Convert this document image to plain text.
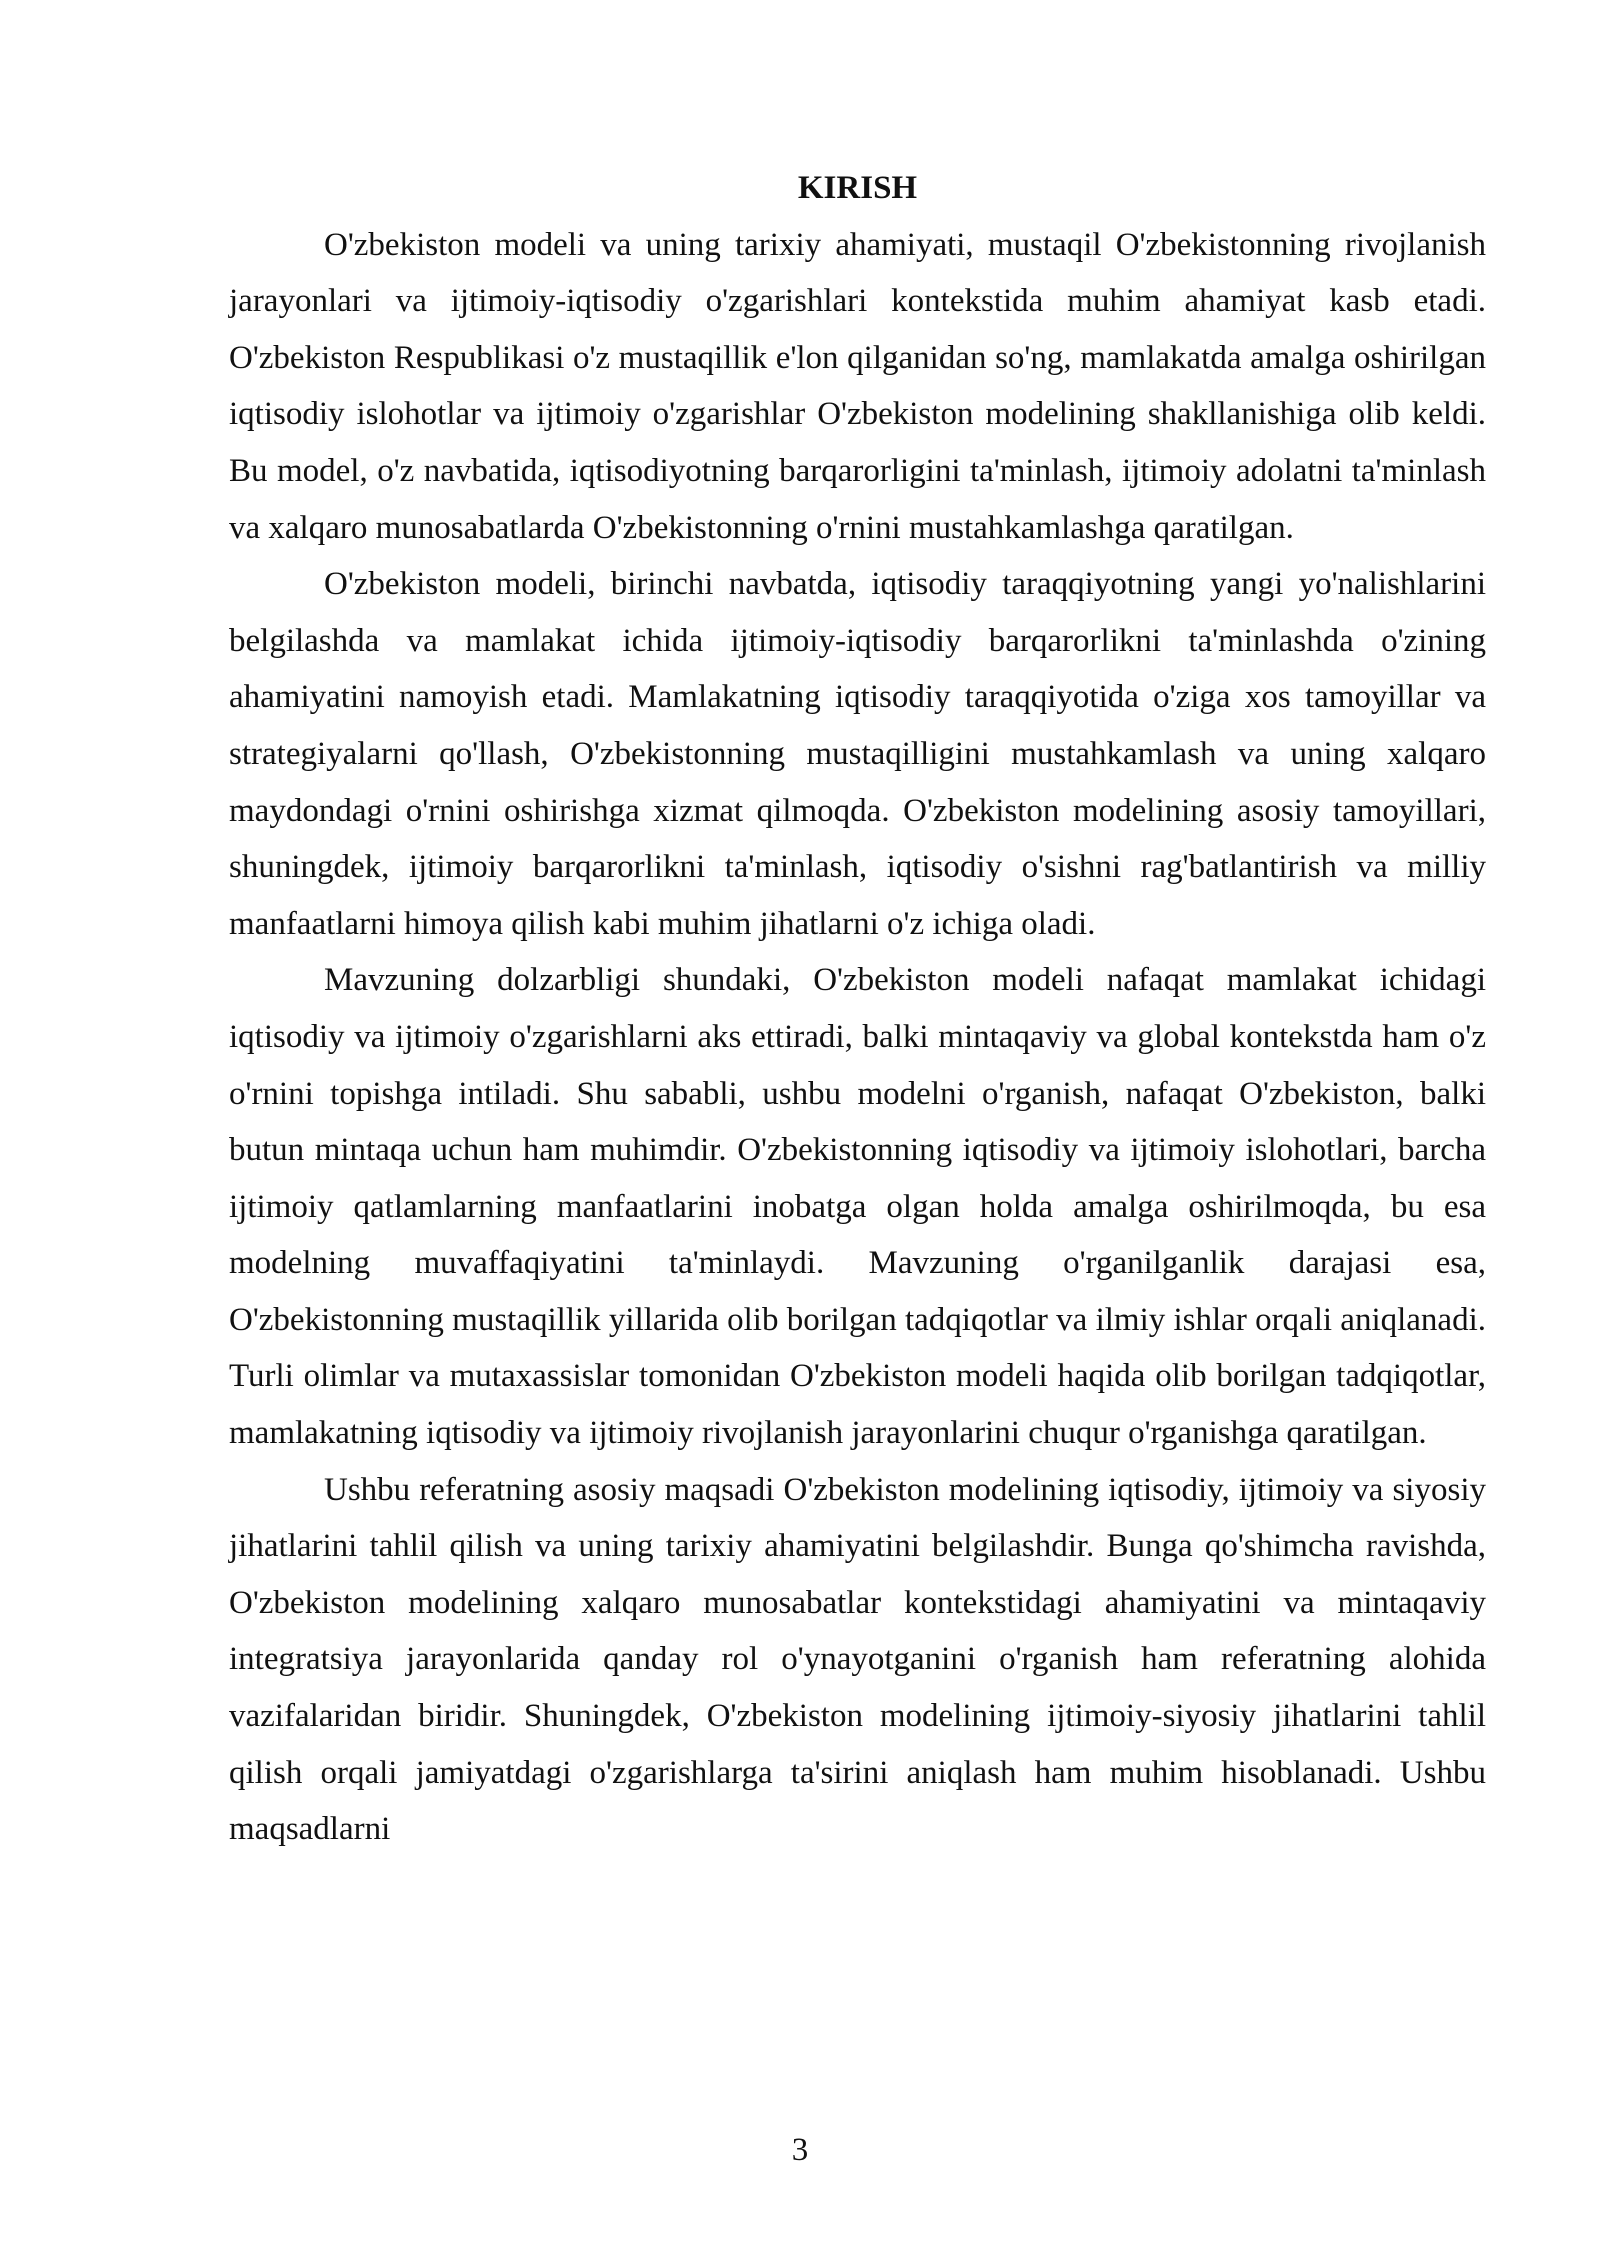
KIRISH

O'zbekiston modeli va uning tarixiy ahamiyati, mustaqil O'zbekistonning rivojlanish jarayonlari va ijtimoiy-iqtisodiy o'zgarishlari kontekstida muhim ahamiyat kasb etadi. O'zbekiston Respublikasi o'z mustaqillik e'lon qilganidan so'ng, mamlakatda amalga oshirilgan iqtisodiy islohotlar va ijtimoiy o'zgarishlar O'zbekiston modelining shakllanishiga olib keldi. Bu model, o'z navbatida, iqtisodiyotning barqarorligini ta'minlash, ijtimoiy adolatni ta'minlash va xalqaro munosabatlarda O'zbekistonning o'rnini mustahkamlashga qaratilgan.

O'zbekiston modeli, birinchi navbatda, iqtisodiy taraqqiyotning yangi yo'nalishlarini belgilashda va mamlakat ichida ijtimoiy-iqtisodiy barqarorlikni ta'minlashda o'zining ahamiyatini namoyish etadi. Mamlakatning iqtisodiy taraqqiyotida o'ziga xos tamoyillar va strategiyalarni qo'llash, O'zbekistonning mustaqilligini mustahkamlash va uning xalqaro maydondagi o'rnini oshirishga xizmat qilmoqda. O'zbekiston modelining asosiy tamoyillari, shuningdek, ijtimoiy barqarorlikni ta'minlash, iqtisodiy o'sishni rag'batlantirish va milliy manfaatlarni himoya qilish kabi muhim jihatlarni o'z ichiga oladi.

Mavzuning dolzarbligi shundaki, O'zbekiston modeli nafaqat mamlakat ichidagi iqtisodiy va ijtimoiy o'zgarishlarni aks ettiradi, balki mintaqaviy va global kontekstda ham o'z o'rnini topishga intiladi. Shu sababli, ushbu modelni o'rganish, nafaqat O'zbekiston, balki butun mintaqa uchun ham muhimdir. O'zbekistonning iqtisodiy va ijtimoiy islohotlari, barcha ijtimoiy qatlamlarning manfaatlarini inobatga olgan holda amalga oshirilmoqda, bu esa modelning muvaffaqiyatini ta'minlaydi. Mavzuning o'rganilganlik darajasi esa, O'zbekistonning mustaqillik yillarida olib borilgan tadqiqotlar va ilmiy ishlar orqali aniqlanadi. Turli olimlar va mutaxassislar tomonidan O'zbekiston modeli haqida olib borilgan tadqiqotlar, mamlakatning iqtisodiy va ijtimoiy rivojlanish jarayonlarini chuqur o'rganishga qaratilgan.

Ushbu referatning asosiy maqsadi O'zbekiston modelining iqtisodiy, ijtimoiy va siyosiy jihatlarini tahlil qilish va uning tarixiy ahamiyatini belgilashdir. Bunga qo'shimcha ravishda, O'zbekiston modelining xalqaro munosabatlar kontekstidagi ahamiyatini va mintaqaviy integratsiya jarayonlarida qanday rol o'ynayotganini o'rganish ham referatning alohida vazifalaridan biridir. Shuningdek, O'zbekiston modelining ijtimoiy-siyosiy jihatlarini tahlil qilish orqali jamiyatdagi o'zgarishlarga ta'sirini aniqlash ham muhim hisoblanadi. Ushbu maqsadlarni

3
